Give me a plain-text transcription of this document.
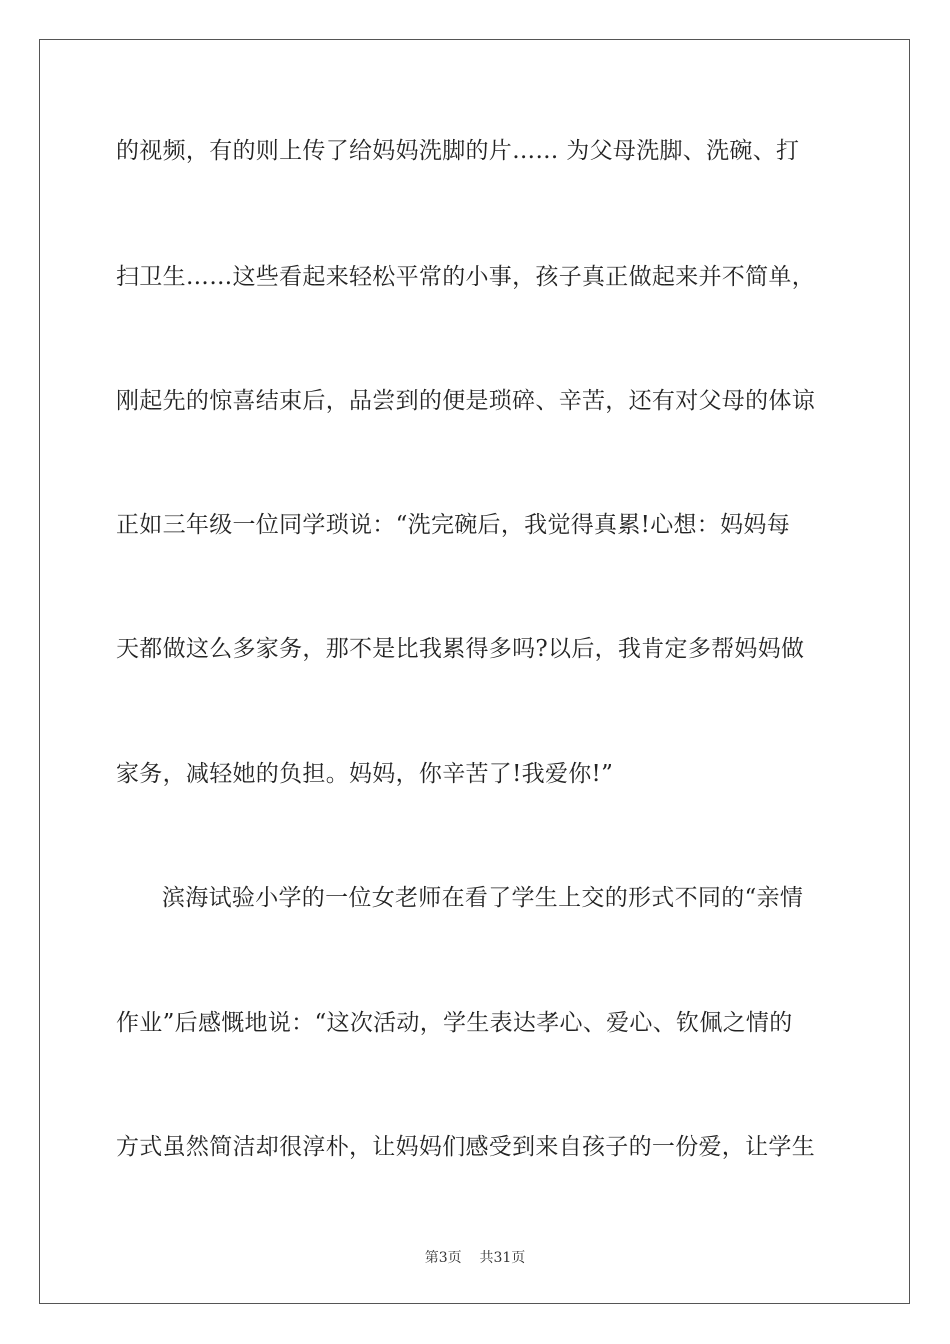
的视频，有的则上传了给妈妈洗脚的片…… 为父母洗脚、洗碗、打
扫卫生……这些看起来轻松平常的小事，孩子真正做起来并不简单，
刚起先的惊喜结束后，品尝到的便是琐碎、辛苦，还有对父母的体谅
正如三年级一位同学琐说：“洗完碗后，我觉得真累!心想：妈妈每
天都做这么多家务，那不是比我累得多吗?以后，我肯定多帮妈妈做
家务，减轻她的负担。妈妈，你辛苦了!我爱你!”
滨海试验小学的一位女老师在看了学生上交的形式不同的“亲情
作业”后感慨地说：“这次活动，学生表达孝心、爱心、钦佩之情的
方式虽然简洁却很淳朴，让妈妈们感受到来自孩子的一份爱，让学生
第3页 共31页
